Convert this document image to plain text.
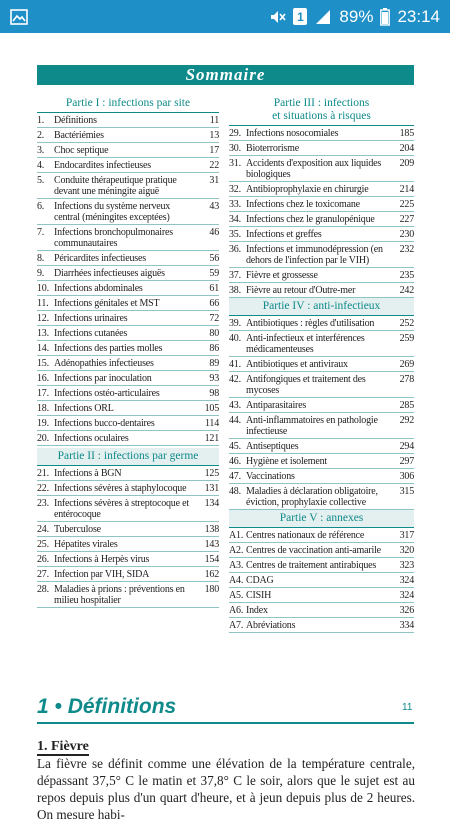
1 89% 23:14
Sommaire
Partie I : infections par site
1. Définitions	11
2. Bactériémies	13
3. Choc septique	17
4. Endocardites infectieuses	22
5. Conduite thérapeutique pratique devant une méningite aiguë
31
6. Infections du système nerveux central (méningites exceptées)
43
7. Infections bronchopulmonaires communautaires
46
8. Péricardites infectieuses	56
9. Diarrhées infectieuses aiguës	59
10. Infections abdominales	61
11. Infections génitales et MST	66
12. Infections urinaires	72
13. Infections cutanées	80
14. Infections des parties molles	86
15. Adénopathies infectieuses	89
16. Infections par inoculation	93
17. Infections ostéo-articulaires	98
18. Infections ORL	105
19. Infections bucco-dentaires	114
20. Infections oculaires	121
Partie II : infections par germe
21. Infections à BGN	125
22. Infections sévères à staphylocoque	131
23. Infections sévères à streptocoque et entérocoque
134
24. Tuberculose	138
25. Hépatites virales	143
26. Infections à Herpès virus	154
27. Infection par VIH, SIDA	162
28. Maladies à prions : préventions en milieu hospitalier
180
Partie III : infections
et situations à risques
29. Infections nosocomiales	185
30. Bioterrorisme	204
31. Accidents d'exposition aux liquides biologiques
209
32. Antibioprophylaxie en chirurgie	214
33. Infections chez le toxicomane	225
34. Infections chez le granulopénique	227
35. Infections et greffes	230
36. Infections et immunodépression (en dehors de l'infection par le VIH)
232
37. Fièvre et grossesse	235
38. Fièvre au retour d'Outre-mer	242
Partie IV : anti-infectieux
39. Antibiotiques : règles d'utilisation	252
40. Anti-infectieux et interférences médicamenteuses
259
41. Antibiotiques et antiviraux	269
42. Antifongiques et traitement des mycoses
278
43. Antiparasitaires	285
44. Anti-inflammatoires en pathologie infectieuse
292
45. Antiseptiques	294
46. Hygiène et isolement	297
47. Vaccinations	306
48. Maladies à déclaration obligatoire, éviction, prophylaxie collective
315
Partie V : annexes
A1. Centres nationaux de référence	317
A2. Centres de vaccination anti-amarile	320
A3. Centres de traitement antirabiques	323
A4. CDAG	324
A5. CISIH	324
A6. Index	326
A7. Abréviations	334
1 • Définitions	11
1. Fièvre
La fièvre se définit comme une élévation de la température centrale, dépassant 37,5° C le matin et 37,8° C le soir, alors que le sujet est au repos depuis plus d'un quart d'heure, et à jeun depuis plus de 2 heures. On mesure habi-
